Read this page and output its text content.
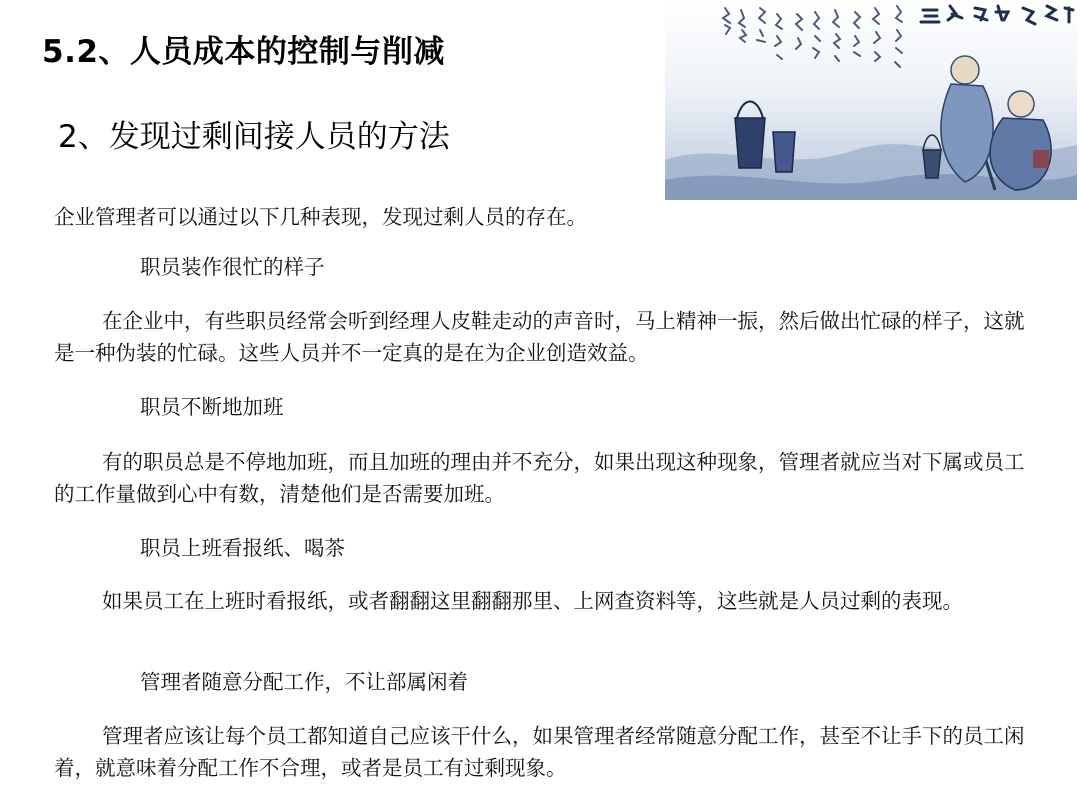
5.2、人员成本的控制与削减
2、发现过剩间接人员的方法
企业管理者可以通过以下几种表现，发现过剩人员的存在。
职员装作很忙的样子
在企业中，有些职员经常会听到经理人皮鞋走动的声音时，马上精神一振，然后做出忙碌的样子，这就是一种伪装的忙碌。这些人员并不一定真的是在为企业创造效益。
职员不断地加班
有的职员总是不停地加班，而且加班的理由并不充分，如果出现这种现象，管理者就应当对下属或员工的工作量做到心中有数，清楚他们是否需要加班。
职员上班看报纸、喝茶
如果员工在上班时看报纸，或者翻翻这里翻翻那里、上网查资料等，这些就是人员过剩的表现。
管理者随意分配工作，不让部属闲着
管理者应该让每个员工都知道自己应该干什么，如果管理者经常随意分配工作，甚至不让手下的员工闲着，就意味着分配工作不合理，或者是员工有过剩现象。
